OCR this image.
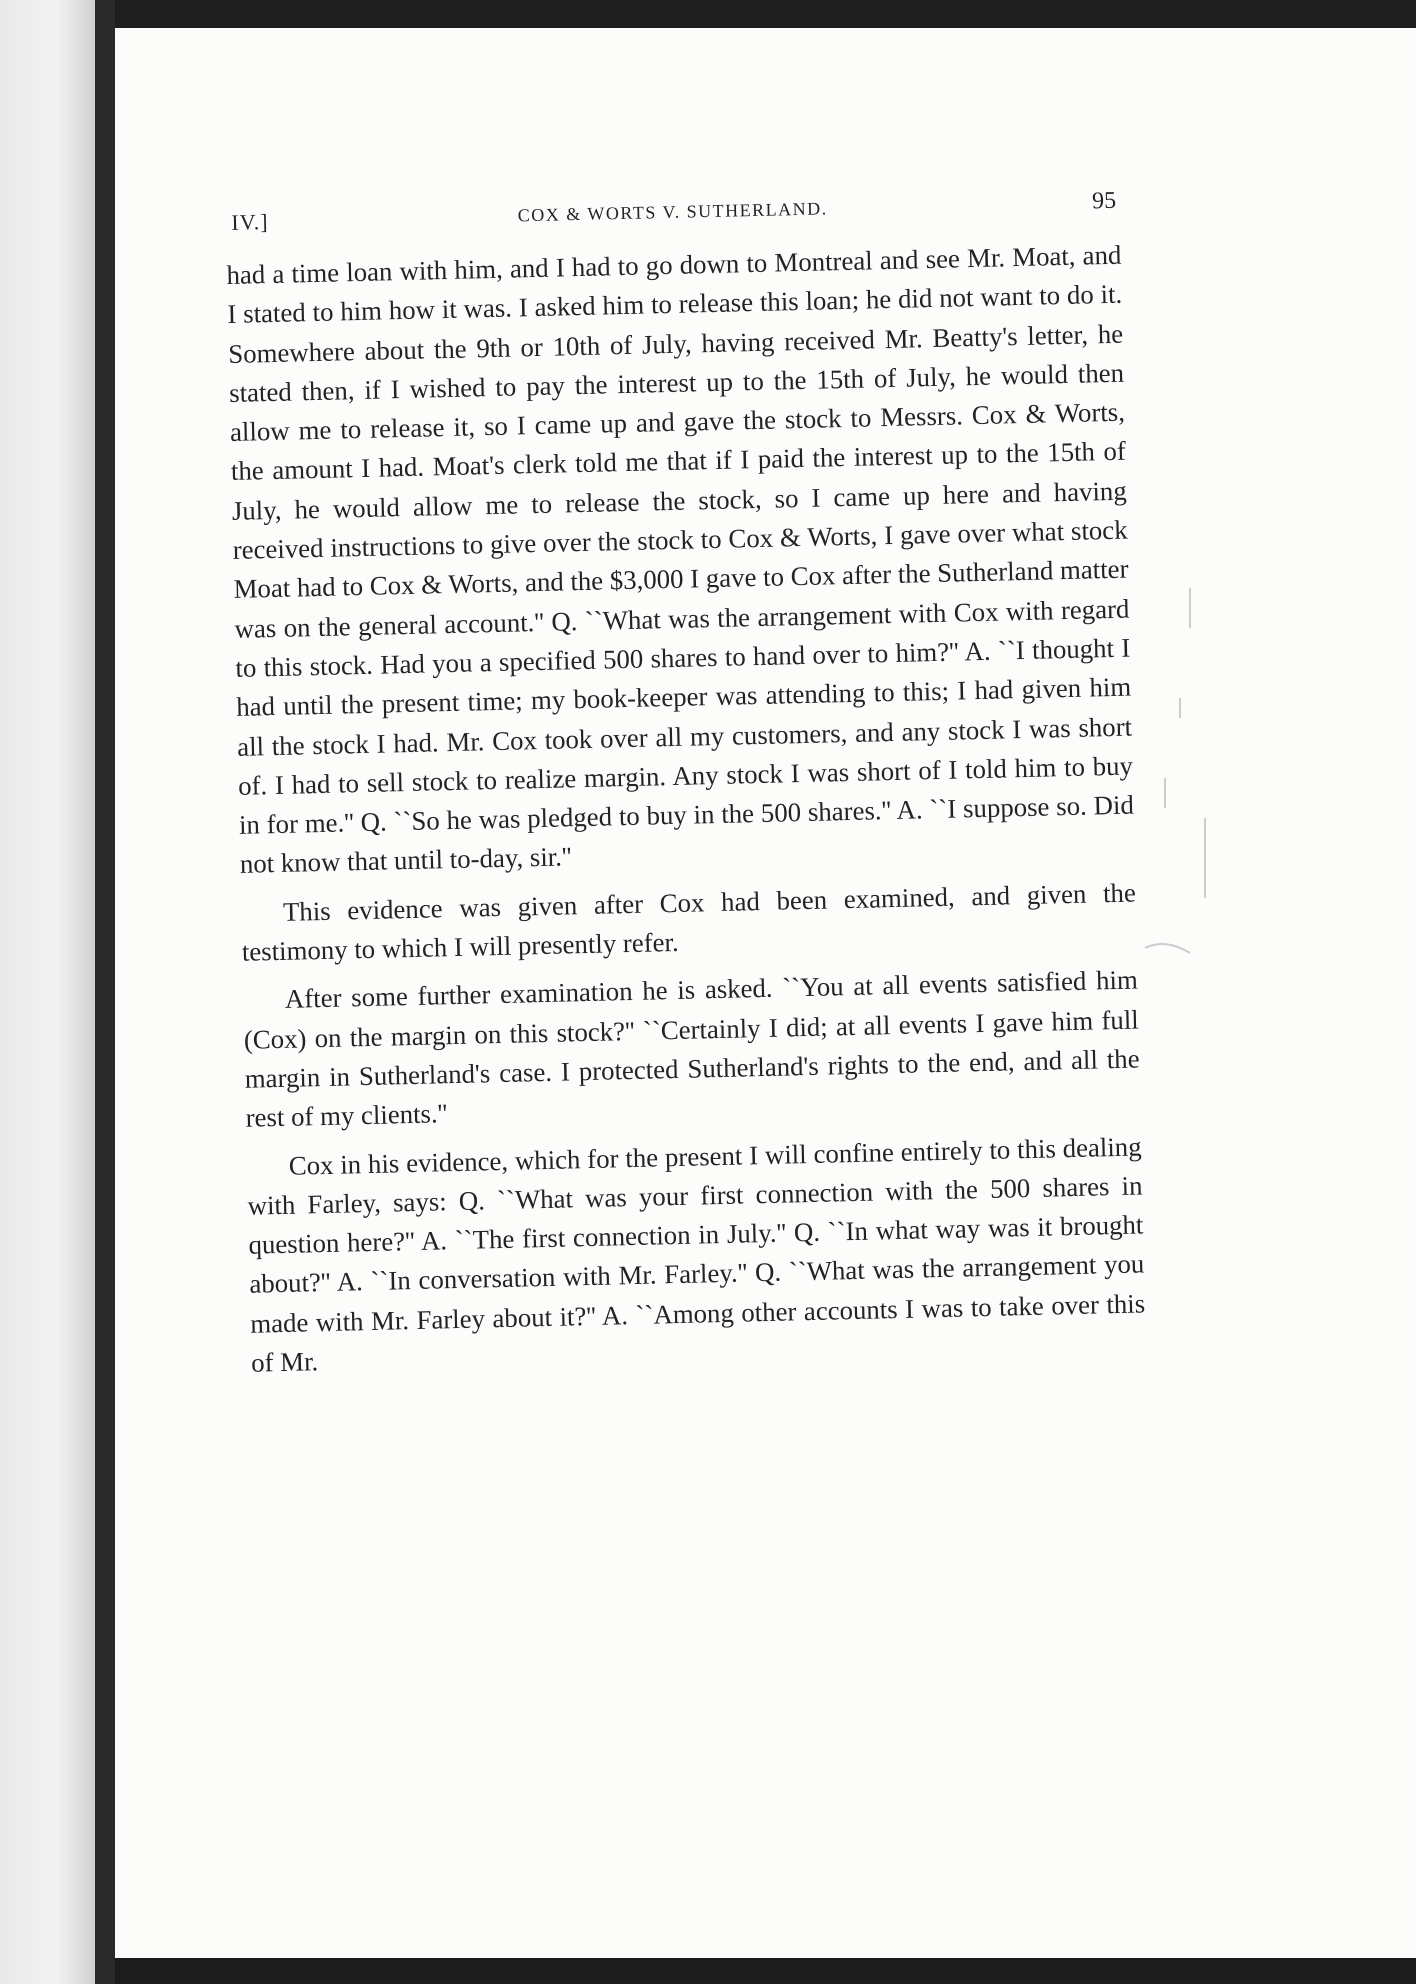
IV.]	COX & WORTS V. SUTHERLAND.	95

had a time loan with him, and I had to go down to Montreal and see Mr. Moat, and I stated to him how it was. I asked him to release this loan; he did not want to do it. Somewhere about the 9th or 10th of July, having received Mr. Beatty's letter, he stated then, if I wished to pay the interest up to the 15th of July, he would then allow me to release it, so I came up and gave the stock to Messrs. Cox & Worts, the amount I had. Moat's clerk told me that if I paid the interest up to the 15th of July, he would allow me to release the stock, so I came up here and having received instructions to give over the stock to Cox & Worts, I gave over what stock Moat had to Cox & Worts, and the $3,000 I gave to Cox after the Sutherland matter was on the general account.'' Q. ``What was the arrangement with Cox with regard to this stock. Had you a specified 500 shares to hand over to him?'' A. ``I thought I had until the present time; my book-keeper was attending to this; I had given him all the stock I had. Mr. Cox took over all my customers, and any stock I was short of. I had to sell stock to realize margin. Any stock I was short of I told him to buy in for me.'' Q. ``So he was pledged to buy in the 500 shares.'' A. ``I suppose so. Did not know that until to-day, sir.''

This evidence was given after Cox had been examined, and given the testimony to which I will presently refer.

After some further examination he is asked. ``You at all events satisfied him (Cox) on the margin on this stock?'' ``Certainly I did; at all events I gave him full margin in Sutherland's case. I protected Sutherland's rights to the end, and all the rest of my clients.''

Cox in his evidence, which for the present I will confine entirely to this dealing with Farley, says: Q. ``What was your first connection with the 500 shares in question here?'' A. ``The first connection in July.'' Q. ``In what way was it brought about?'' A. ``In conversation with Mr. Farley.'' Q. ``What was the arrangement you made with Mr. Farley about it?'' A. ``Among other accounts I was to take over this of Mr.
